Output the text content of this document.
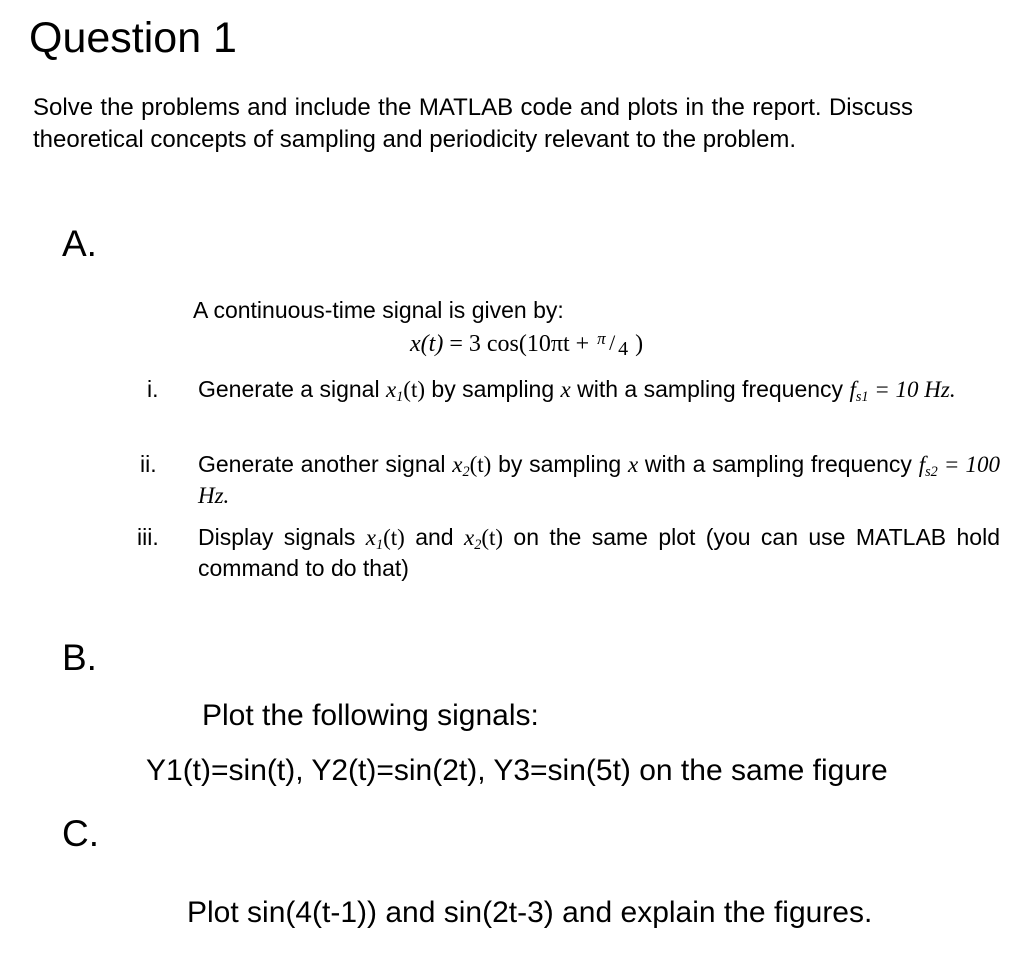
Question 1
Solve the problems and include the MATLAB code and plots in the report. Discuss theoretical concepts of sampling and periodicity relevant to the problem.
A.
A continuous-time signal is given by:
x(t) = 3 cos(10πt + π / 4 )
i. Generate a signal $x_1(t)$ by sampling x with a sampling frequency $f_{s1} = 10$ Hz.
ii. Generate another signal $x_2(t)$ by sampling x with a sampling frequency $f_{s2} = 100$ Hz.
iii. Display signals $x_1(t)$ and $x_2(t)$ on the same plot (you can use MATLAB hold command to do that)
B.
Plot the following signals:
Y1(t)=sin(t), Y2(t)=sin(2t), Y3=sin(5t) on the same figure
C.
Plot sin(4(t-1)) and sin(2t-3) and explain the figures.
